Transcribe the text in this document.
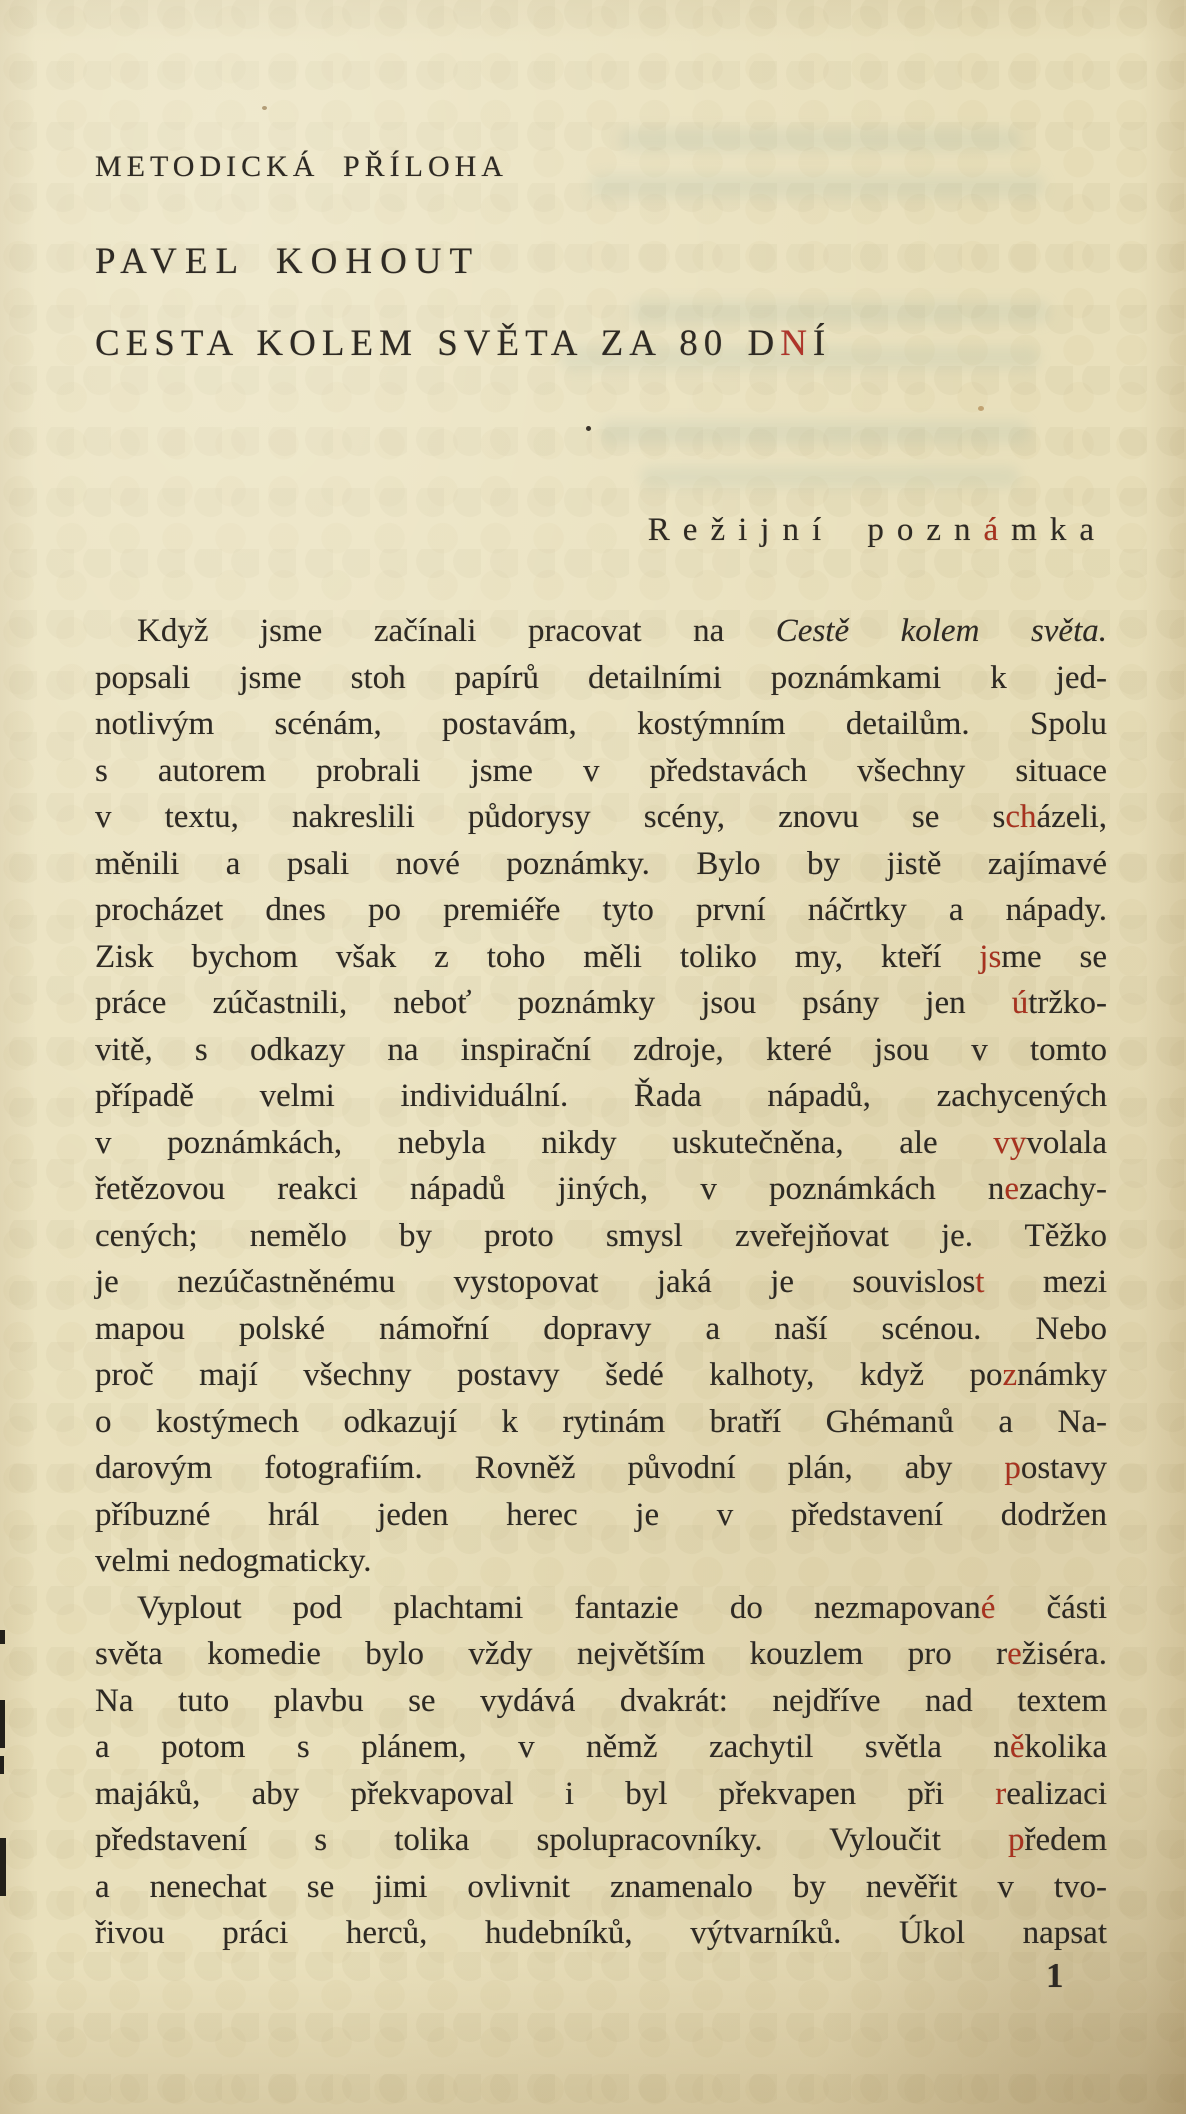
METODICKÁ PŘÍLOHA
PAVEL KOHOUT
CESTA KOLEM SVĚTA ZA 80 DNÍ
Režijní poznámka
Když jsme začínali pracovat na Cestě kolem světa.
popsali jsme stoh papírů detailními poznámkami k jed-
notlivým scénám, postavám, kostýmním detailům. Spolu
s autorem probrali jsme v představách všechny situace
v textu, nakreslili půdorysy scény, znovu se scházeli,
měnili a psali nové poznámky. Bylo by jistě zajímavé
procházet dnes po premiéře tyto první náčrtky a nápady.
Zisk bychom však z toho měli toliko my, kteří jsme se
práce zúčastnili, neboť poznámky jsou psány jen útržko-
vitě, s odkazy na inspirační zdroje, které jsou v tomto
případě velmi individuální. Řada nápadů, zachycených
v poznámkách, nebyla nikdy uskutečněna, ale vyvolala
řetězovou reakci nápadů jiných, v poznámkách nezachy-
cených; nemělo by proto smysl zveřejňovat je. Těžko
je nezúčastněnému vystopovat jaká je souvislost mezi
mapou polské námořní dopravy a naší scénou. Nebo
proč mají všechny postavy šedé kalhoty, když poznámky
o kostýmech odkazují k rytinám bratří Ghémanů a Na-
darovým fotografiím. Rovněž původní plán, aby postavy
příbuzné hrál jeden herec je v představení dodržen
velmi nedogmaticky.
Vyplout pod plachtami fantazie do nezmapované části
světa komedie bylo vždy největším kouzlem pro režiséra.
Na tuto plavbu se vydává dvakrát: nejdříve nad textem
a potom s plánem, v němž zachytil světla několika
majáků, aby překvapoval i byl překvapen při realizaci
představení s tolika spolupracovníky. Vyloučit předem
a nenechat se jimi ovlivnit znamenalo by nevěřit v tvo-
řivou práci herců, hudebníků, výtvarníků. Úkol napsat
1
